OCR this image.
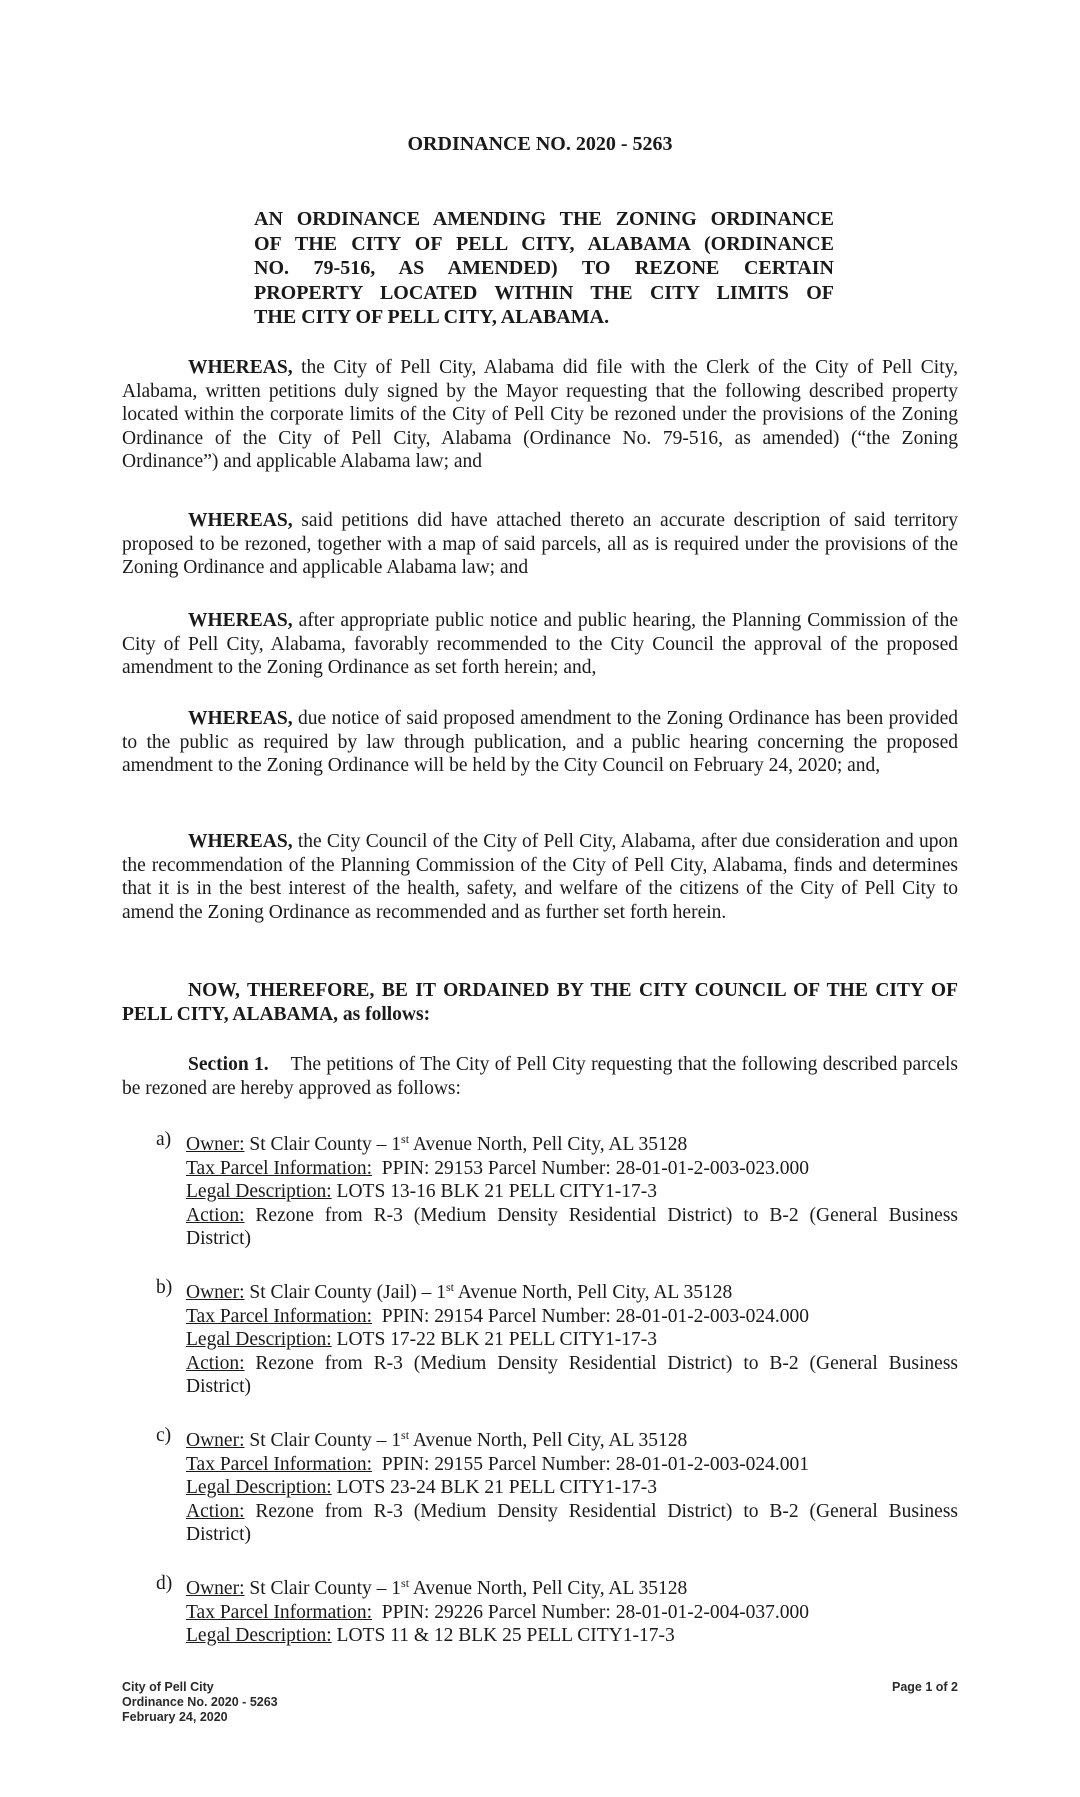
ORDINANCE NO. 2020 - 5263
AN ORDINANCE AMENDING THE ZONING ORDINANCE
OF THE CITY OF PELL CITY, ALABAMA (ORDINANCE
NO. 79-516, AS AMENDED) TO REZONE CERTAIN
PROPERTY LOCATED WITHIN THE CITY LIMITS OF
THE CITY OF PELL CITY, ALABAMA.
WHEREAS, the City of Pell City, Alabama did file with the Clerk of the City of Pell City, Alabama, written petitions duly signed by the Mayor requesting that the following described property located within the corporate limits of the City of Pell City be rezoned under the provisions of the Zoning Ordinance of the City of Pell City, Alabama (Ordinance No. 79-516, as amended) (“the Zoning Ordinance”) and applicable Alabama law; and
WHEREAS, said petitions did have attached thereto an accurate description of said territory proposed to be rezoned, together with a map of said parcels, all as is required under the provisions of the Zoning Ordinance and applicable Alabama law; and
WHEREAS, after appropriate public notice and public hearing, the Planning Commission of the City of Pell City, Alabama, favorably recommended to the City Council the approval of the proposed amendment to the Zoning Ordinance as set forth herein; and,
WHEREAS, due notice of said proposed amendment to the Zoning Ordinance has been provided to the public as required by law through publication, and a public hearing concerning the proposed amendment to the Zoning Ordinance will be held by the City Council on February 24, 2020; and,
WHEREAS, the City Council of the City of Pell City, Alabama, after due consideration and upon the recommendation of the Planning Commission of the City of Pell City, Alabama, finds and determines that it is in the best interest of the health, safety, and welfare of the citizens of the City of Pell City to amend the Zoning Ordinance as recommended and as further set forth herein.
NOW, THEREFORE, BE IT ORDAINED BY THE CITY COUNCIL OF THE CITY OF PELL CITY, ALABAMA, as follows:
Section 1. The petitions of The City of Pell City requesting that the following described parcels be rezoned are hereby approved as follows:
a) Owner: St Clair County – 1st Avenue North, Pell City, AL 35128
Tax Parcel Information: PPIN: 29153 Parcel Number: 28-01-01-2-003-023.000
Legal Description: LOTS 13-16 BLK 21 PELL CITY1-17-3
Action: Rezone from R-3 (Medium Density Residential District) to B-2 (General Business District)
b) Owner: St Clair County (Jail) – 1st Avenue North, Pell City, AL 35128
Tax Parcel Information: PPIN: 29154 Parcel Number: 28-01-01-2-003-024.000
Legal Description: LOTS 17-22 BLK 21 PELL CITY1-17-3
Action: Rezone from R-3 (Medium Density Residential District) to B-2 (General Business District)
c) Owner: St Clair County – 1st Avenue North, Pell City, AL 35128
Tax Parcel Information: PPIN: 29155 Parcel Number: 28-01-01-2-003-024.001
Legal Description: LOTS 23-24 BLK 21 PELL CITY1-17-3
Action: Rezone from R-3 (Medium Density Residential District) to B-2 (General Business District)
d) Owner: St Clair County – 1st Avenue North, Pell City, AL 35128
Tax Parcel Information: PPIN: 29226 Parcel Number: 28-01-01-2-004-037.000
Legal Description: LOTS 11 & 12 BLK 25 PELL CITY1-17-3
City of Pell City
Ordinance No. 2020 - 5263
February 24, 2020
Page 1 of 2
